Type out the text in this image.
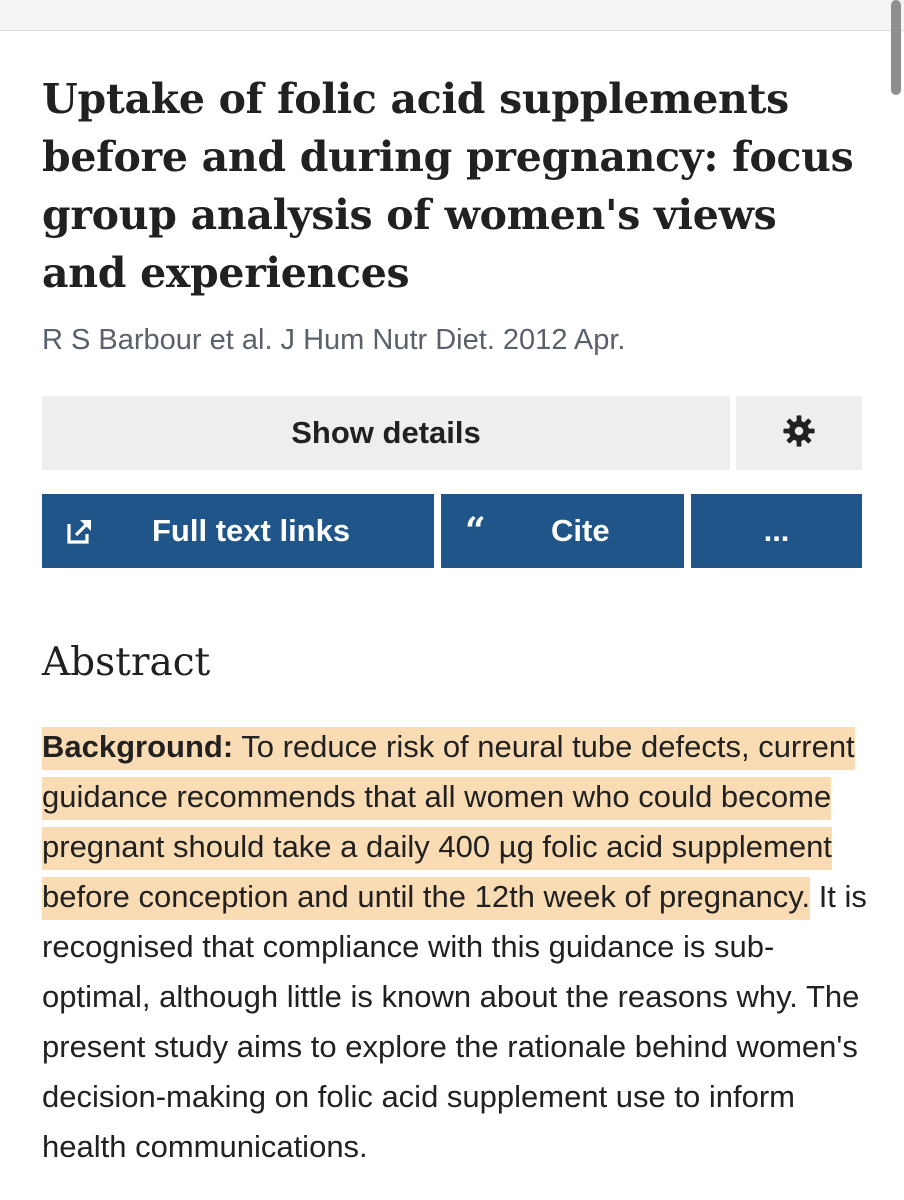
Uptake of folic acid supplements before and during pregnancy: focus group analysis of women's views and experiences
R S Barbour et al. J Hum Nutr Diet. 2012 Apr.
Show details
Full text links	“	Cite	...
Abstract
Background: To reduce risk of neural tube defects, current guidance recommends that all women who could become pregnant should take a daily 400 µg folic acid supplement before conception and until the 12th week of pregnancy. It is recognised that compliance with this guidance is sub-optimal, although little is known about the reasons why. The present study aims to explore the rationale behind women's decision-making on folic acid supplement use to inform health communications.
